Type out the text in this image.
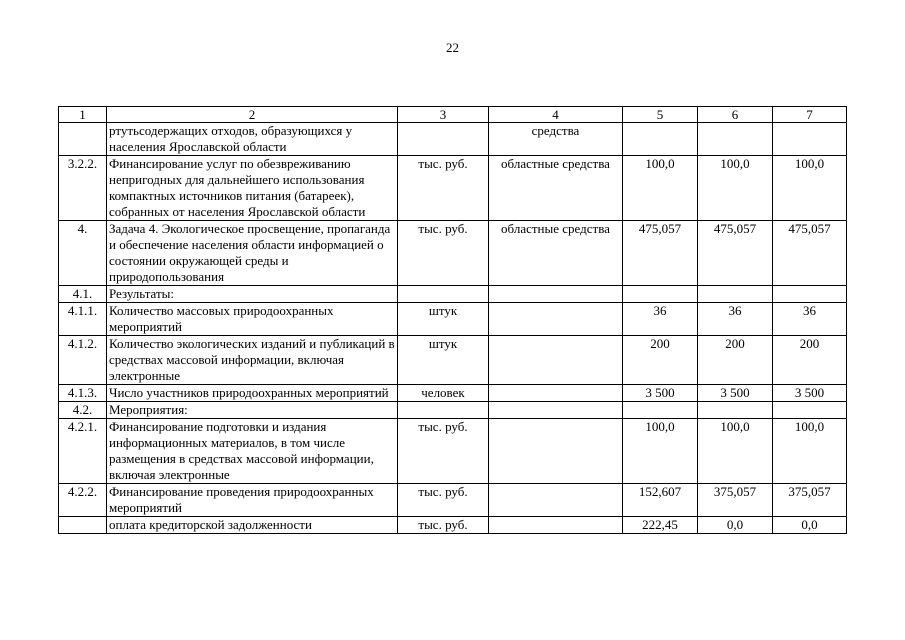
22
1	2	3	4	5	6	7
	ртутьсодержащих отходов, образующихся у населения Ярославской области		средства			
3.2.2.	Финансирование услуг по обезвреживанию непригодных для дальнейшего использования компактных источников питания (батареек), собранных от населения Ярославской области	тыс. руб.	областные средства	100,0	100,0	100,0
4.	Задача 4. Экологическое просвещение, пропаганда и обеспечение населения области информацией о состоянии окружающей среды и природопользования	тыс. руб.	областные средства	475,057	475,057	475,057
4.1.	Результаты:					
4.1.1.	Количество массовых природоохранных мероприятий	штук		36	36	36
4.1.2.	Количество экологических изданий и публикаций в средствах массовой информации, включая электронные	штук		200	200	200
4.1.3.	Число участников природоохранных мероприятий	человек		3 500	3 500	3 500
4.2.	Мероприятия:					
4.2.1.	Финансирование подготовки и издания информационных материалов, в том числе размещения в средствах массовой информации, включая электронные	тыс. руб.		100,0	100,0	100,0
4.2.2.	Финансирование проведения природоохранных мероприятий	тыс. руб.		152,607	375,057	375,057
	оплата кредиторской задолженности	тыс. руб.		222,45	0,0	0,0
